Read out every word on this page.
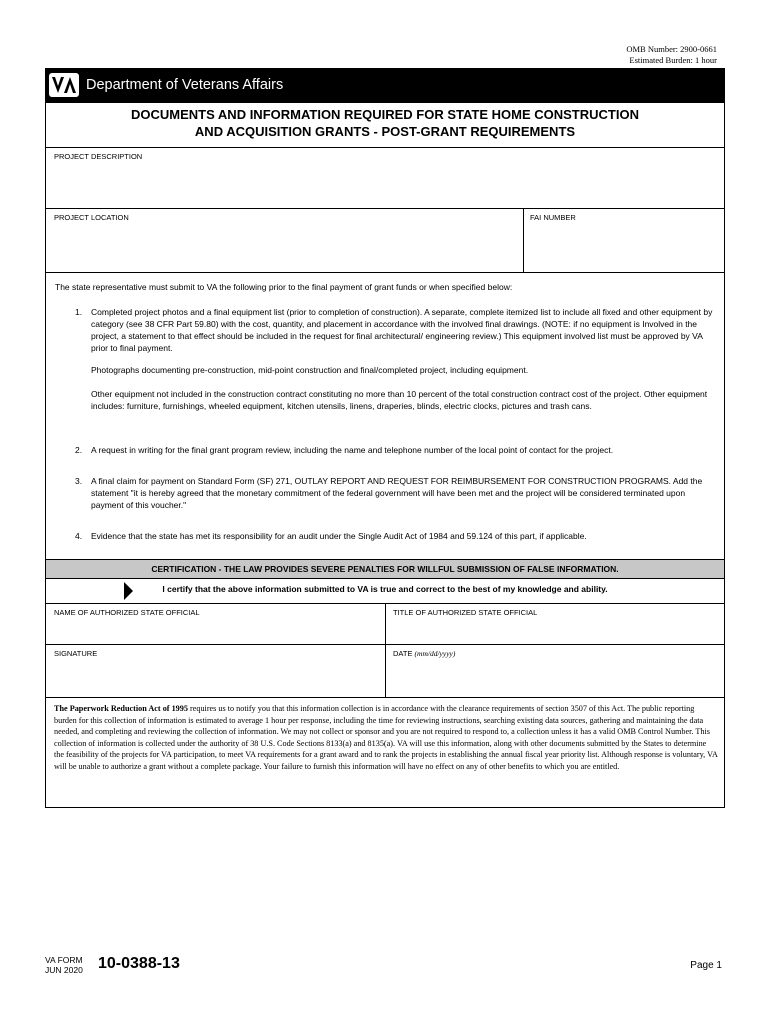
OMB Number: 2900-0661
Estimated Burden: 1 hour
Department of Veterans Affairs
DOCUMENTS AND INFORMATION REQUIRED FOR STATE HOME CONSTRUCTION
AND ACQUISITION GRANTS - POST-GRANT REQUIREMENTS
PROJECT DESCRIPTION
PROJECT LOCATION	FAI NUMBER
The state representative must submit to VA the following prior to the final payment of grant funds or when specified below:
1. Completed project photos and a final equipment list (prior to completion of construction). A separate, complete itemized list to include all fixed and other equipment by category (see 38 CFR Part 59.80) with the cost, quantity, and placement in accordance with the involved final drawings. (NOTE: if no equipment is Involved in the project, a statement to that effect should be included in the request for final architectural/ engineering review.) This equipment involved list must be approved by VA prior to final payment.
Photographs documenting pre-construction, mid-point construction and final/completed project, including equipment.
Other equipment not included in the construction contract constituting no more than 10 percent of the total construction contract cost of the project. Other equipment includes: furniture, furnishings, wheeled equipment, kitchen utensils, linens, draperies, blinds, electric clocks, pictures and trash cans.
2. A request in writing for the final grant program review, including the name and telephone number of the local point of contact for the project.
3. A final claim for payment on Standard Form (SF) 271, OUTLAY REPORT AND REQUEST FOR REIMBURSEMENT FOR CONSTRUCTION PROGRAMS. Add the statement "it is hereby agreed that the monetary commitment of the federal government will have been met and the project will be considered terminated upon payment of this voucher."
4. Evidence that the state has met its responsibility for an audit under the Single Audit Act of 1984 and 59.124 of this part, if applicable.
CERTIFICATION - THE LAW PROVIDES SEVERE PENALTIES FOR WILLFUL SUBMISSION OF FALSE INFORMATION.
I certify that the above information submitted to VA is true and correct to the best of my knowledge and ability.
NAME OF AUTHORIZED STATE OFFICIAL	TITLE OF AUTHORIZED STATE OFFICIAL
SIGNATURE	DATE (mm/dd/yyyy)
The Paperwork Reduction Act of 1995 requires us to notify you that this information collection is in accordance with the clearance requirements of section 3507 of this Act. The public reporting burden for this collection of information is estimated to average 1 hour per response, including the time for reviewing instructions, searching existing data sources, gathering and maintaining the data needed, and completing and reviewing the collection of information. We may not collect or sponsor and you are not required to respond to, a collection unless it has a valid OMB Control Number. This collection of information is collected under the authority of 38 U.S. Code Sections 8133(a) and 8135(a). VA will use this information, along with other documents submitted by the States to determine the feasibility of the projects for VA participation, to meet VA requirements for a grant award and to rank the projects in establishing the annual fiscal year priority list. Although response is voluntary, VA will be unable to authorize a grant without a complete package. Your failure to furnish this information will have no effect on any of other benefits to which you are entitled.
VA FORM
JUN 2020 10-0388-13	Page 1
